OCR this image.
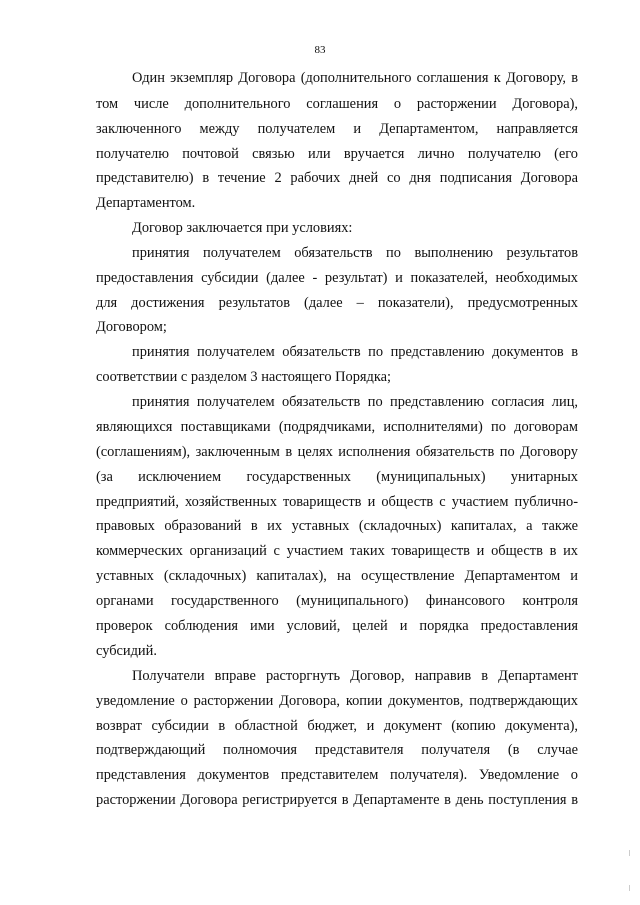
83
Один экземпляр Договора (дополнительного соглашения к Договору, в
том числе дополнительного соглашения о расторжении Договора),
заключенного между получателем и Департаментом, направляется
получателю почтовой связью или вручается лично получателю (его
представителю) в течение 2 рабочих дней со дня подписания Договора
Департаментом.
Договор заключается при условиях:
принятия получателем обязательств по выполнению результатов
предоставления субсидии (далее - результат) и показателей, необходимых
для достижения результатов (далее – показатели), предусмотренных
Договором;
принятия получателем обязательств по представлению документов в
соответствии с разделом 3 настоящего Порядка;
принятия получателем обязательств по представлению согласия лиц,
являющихся поставщиками (подрядчиками, исполнителями) по договорам
(соглашениям), заключенным в целях исполнения обязательств по Договору
(за исключением государственных (муниципальных) унитарных
предприятий, хозяйственных товариществ и обществ с участием публично-
правовых образований в их уставных (складочных) капиталах, а также
коммерческих организаций с участием таких товариществ и обществ в их
уставных (складочных) капиталах), на осуществление Департаментом и
органами государственного (муниципального) финансового контроля
проверок соблюдения ими условий, целей и порядка предоставления
субсидий.
Получатели вправе расторгнуть Договор, направив в Департамент
уведомление о расторжении Договора, копии документов, подтверждающих
возврат субсидии в областной бюджет, и документ (копию документа),
подтверждающий полномочия представителя получателя (в случае
представления документов представителем получателя). Уведомление о
расторжении Договора регистрируется в Департаменте в день поступления в
